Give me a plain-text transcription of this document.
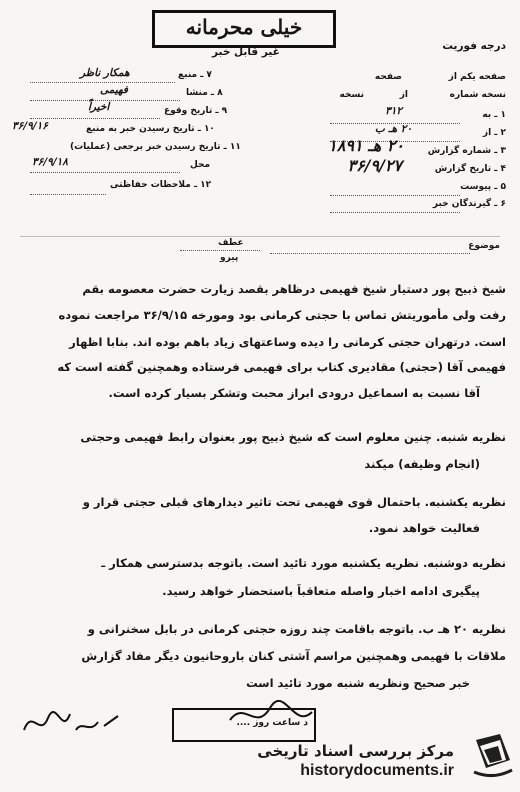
خیلی محرمانه
غیر قابل خبر	درجه فوریت
صفحه یکم از
صفحه
نسخه شماره
از
نسخه
۱ ـ به
۳۱۲
۲ ـ از
۲۰ هـ ب
۳ ـ شماره گزارش
۲۰ هـ ۱۸۹۱
۴ ـ تاریخ گزارش
۳۶/۹/۲۷
۵ ـ پیوست
۶ ـ گیرندگان خبر
۷ ـ منبع
همکار ناظر
۸ ـ منشا
فهیمی
۹ ـ تاریخ وقوع
اخیراً
۱۰ ـ تاریخ رسیدن خبر به منبع
۳۶/۹/۱۶
۱۱ ـ تاریخ رسیدن خبر برجعی (عملیات)
محل
۳۶/۹/۱۸
۱۲ ـ ملاحظات حفاظتی
عطف
پیرو
موضوع
شیخ ذبیح پور دستیار شیخ فهیمی درظاهر بقصد زیارت حضرت معصومه بقم
رفت ولی مأموریتش تماس با حجتی کرمانی بود ومورخه ۳۶/۹/۱۵ مراجعت نموده
است. درتهران حجتی کرمانی را دیده وساعتهای زیاد باهم بوده اند. بنابا اظهار
فهیمی آقا (حجتی) مقادیری کتاب برای فهیمی فرستاده وهمچنین گفته است که
آقا نسبت به اسماعیل درودی ابراز محبت وتشکر بسیار کرده است.
نظریه شنبه. چنین معلوم است که شیخ ذبیح پور بعنوان رابط فهیمی وحجتی
(انجام وظیفه) میکند
نظریه یکشنبه. باحتمال قوی فهیمی تحت تاثیر دیدارهای قبلی حجتی قرار و
فعالیت خواهد نمود.
نظریه دوشنبه. نظریه یکشنبه مورد تائید است. باتوجه بدسترسی همکار ـ
پیگیری ادامه اخبار واصله متعاقباً باستحضار خواهد رسید.
نظریه ۲۰ هـ ب. باتوجه باقامت چند روزه حجتی کرمانی در بابل سخنرانی و
ملاقات با فهیمی وهمچنین مراسم آشتی کنان باروحانیون دیگر مفاد گزارش
خبر صحیح ونظریه شنبه مورد تائید است
د ساعت روز ....
مرکز بررسی اسناد تاریخی
historydocuments.ir
